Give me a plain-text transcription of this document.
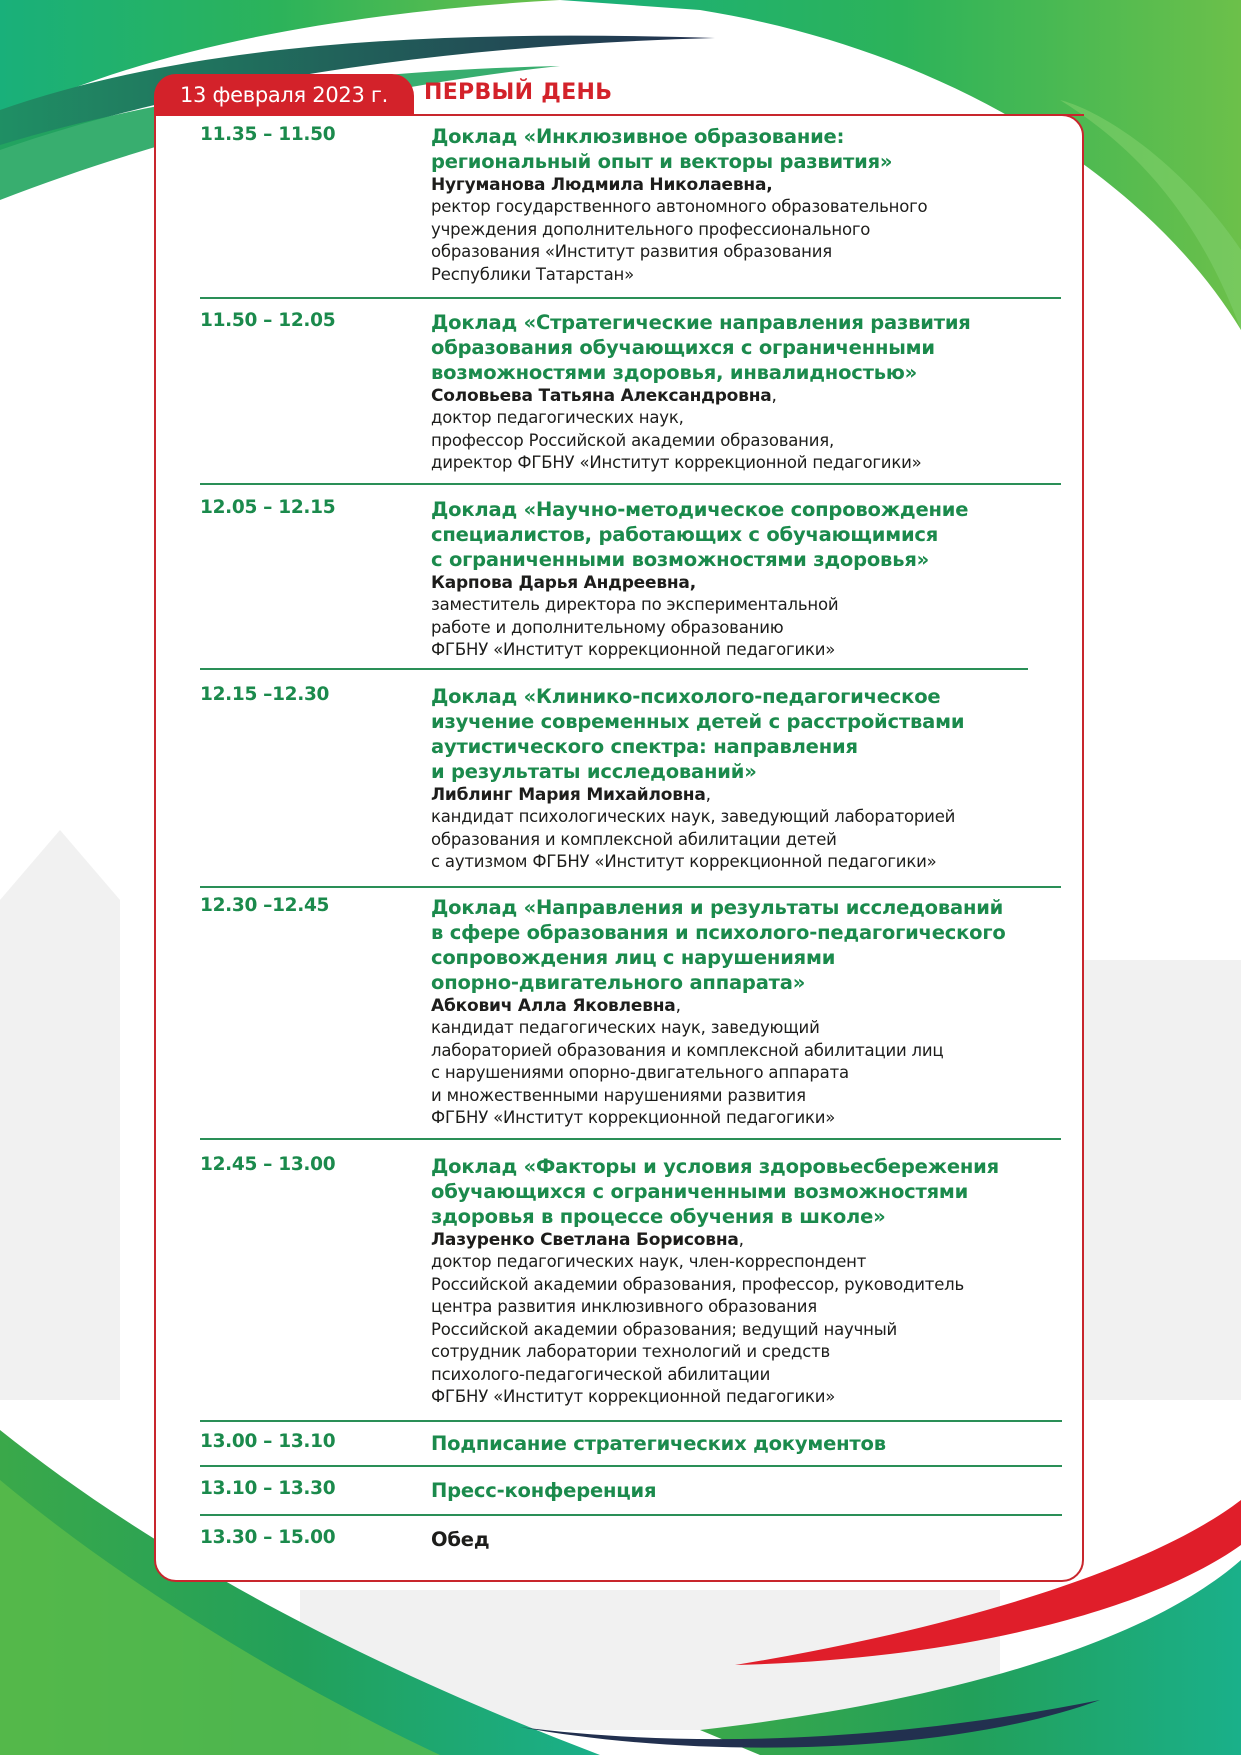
13 февраля 2023 г.	ПЕРВЫЙ ДЕНЬ
11.35 – 11.50	Доклад «Инклюзивное образование:
региональный опыт и векторы развития»
Нугуманова Людмила Николаевна,
ректор государственного автономного образовательного
учреждения дополнительного профессионального
образования «Институт развития образования
Республики Татарстан»
11.50 – 12.05	Доклад «Стратегические направления развития
образования обучающихся с ограниченными
возможностями здоровья, инвалидностью»
Соловьева Татьяна Александровна,
доктор педагогических наук,
профессор Российской академии образования,
директор ФГБНУ «Институт коррекционной педагогики»
12.05 – 12.15	Доклад «Научно-методическое сопровождение
специалистов, работающих с обучающимися
с ограниченными возможностями здоровья»
Карпова Дарья Андреевна,
заместитель директора по экспериментальной
работе и дополнительному образованию
ФГБНУ «Институт коррекционной педагогики»
12.15 –12.30	Доклад «Клинико-психолого-педагогическое
изучение современных детей с расстройствами
аутистического спектра: направления
и результаты исследований»
Либлинг Мария Михайловна,
кандидат психологических наук, заведующий лабораторией
образования и комплексной абилитации детей
с аутизмом ФГБНУ «Институт коррекционной педагогики»
12.30 –12.45	Доклад «Направления и результаты исследований
в сфере образования и психолого-педагогического
сопровождения лиц с нарушениями
опорно-двигательного аппарата»
Абкович Алла Яковлевна,
кандидат педагогических наук, заведующий
лабораторией образования и комплексной абилитации лиц
с нарушениями опорно-двигательного аппарата
и множественными нарушениями развития
ФГБНУ «Институт коррекционной педагогики»
12.45 – 13.00	Доклад «Факторы и условия здоровьесбережения
обучающихся с ограниченными возможностями
здоровья в процессе обучения в школе»
Лазуренко Светлана Борисовна,
доктор педагогических наук, член-корреспондент
Российской академии образования, профессор, руководитель
центра развития инклюзивного образования
Российской академии образования; ведущий научный
сотрудник лаборатории технологий и средств
психолого-педагогической абилитации
ФГБНУ «Институт коррекционной педагогики»
13.00 – 13.10	Подписание стратегических документов
13.10 – 13.30	Пресс-конференция
13.30 – 15.00	Обед
